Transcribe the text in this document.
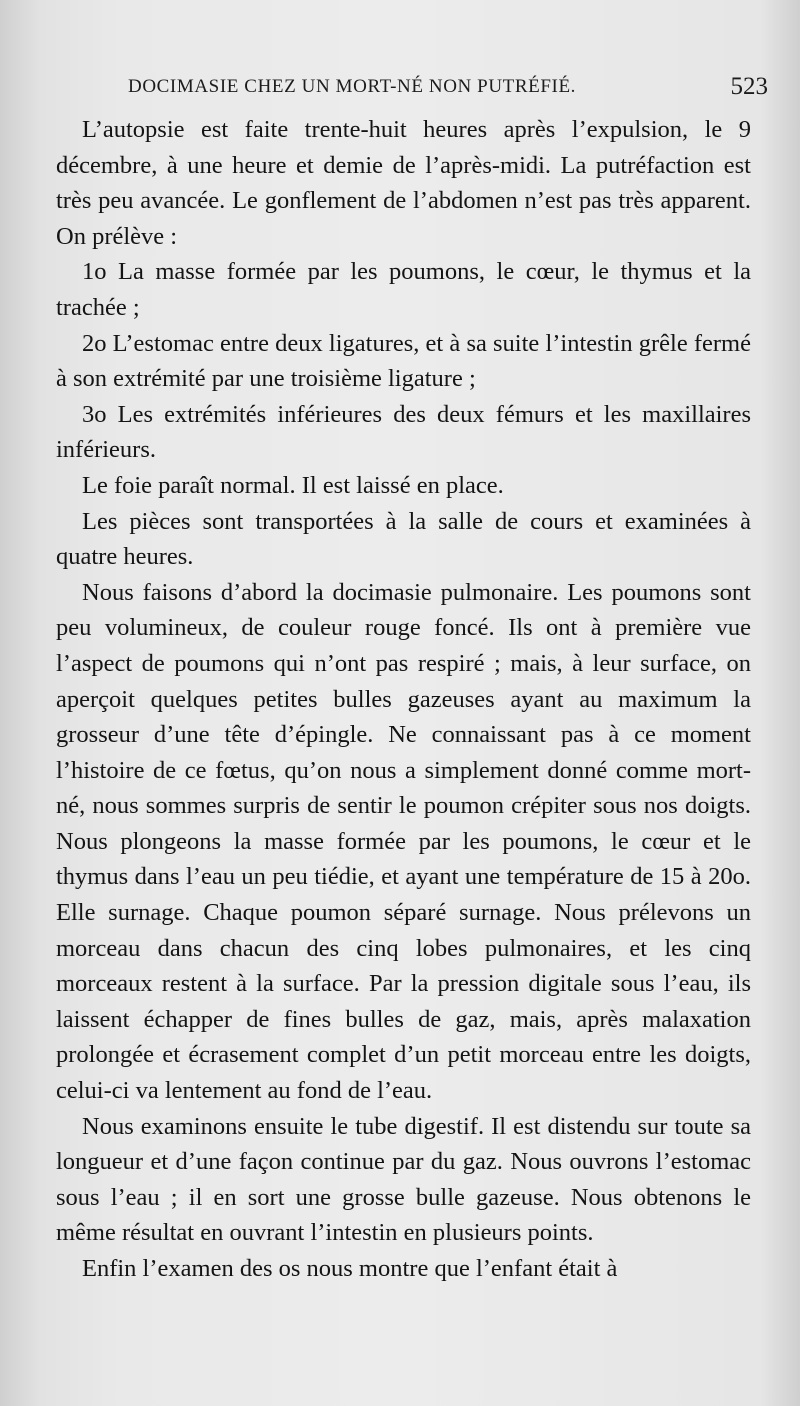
DOCIMASIE CHEZ UN MORT-NÉ NON PUTRÉFIÉ.	523

L’autopsie est faite trente-huit heures après l’expulsion, le 9 décembre, à une heure et demie de l’après-midi. La putréfaction est très peu avancée. Le gonflement de l’abdomen n’est pas très apparent. On prélève :

1o La masse formée par les poumons, le cœur, le thymus et la trachée ;

2o L’estomac entre deux ligatures, et à sa suite l’intestin grêle fermé à son extrémité par une troisième ligature ;

3o Les extrémités inférieures des deux fémurs et les maxillaires inférieurs.

Le foie paraît normal. Il est laissé en place.

Les pièces sont transportées à la salle de cours et examinées à quatre heures.

Nous faisons d’abord la docimasie pulmonaire. Les poumons sont peu volumineux, de couleur rouge foncé. Ils ont à première vue l’aspect de poumons qui n’ont pas respiré ; mais, à leur surface, on aperçoit quelques petites bulles gazeuses ayant au maximum la grosseur d’une tête d’épingle. Ne connaissant pas à ce moment l’histoire de ce fœtus, qu’on nous a simplement donné comme mort-né, nous sommes surpris de sentir le poumon crépiter sous nos doigts. Nous plongeons la masse formée par les poumons, le cœur et le thymus dans l’eau un peu tiédie, et ayant une température de 15 à 20o. Elle surnage. Chaque poumon séparé surnage. Nous prélevons un morceau dans chacun des cinq lobes pulmonaires, et les cinq morceaux restent à la surface. Par la pression digitale sous l’eau, ils laissent échapper de fines bulles de gaz, mais, après malaxation prolongée et écrasement complet d’un petit morceau entre les doigts, celui-ci va lentement au fond de l’eau.

Nous examinons ensuite le tube digestif. Il est distendu sur toute sa longueur et d’une façon continue par du gaz. Nous ouvrons l’estomac sous l’eau ; il en sort une grosse bulle gazeuse. Nous obtenons le même résultat en ouvrant l’intestin en plusieurs points.

Enfin l’examen des os nous montre que l’enfant était à
